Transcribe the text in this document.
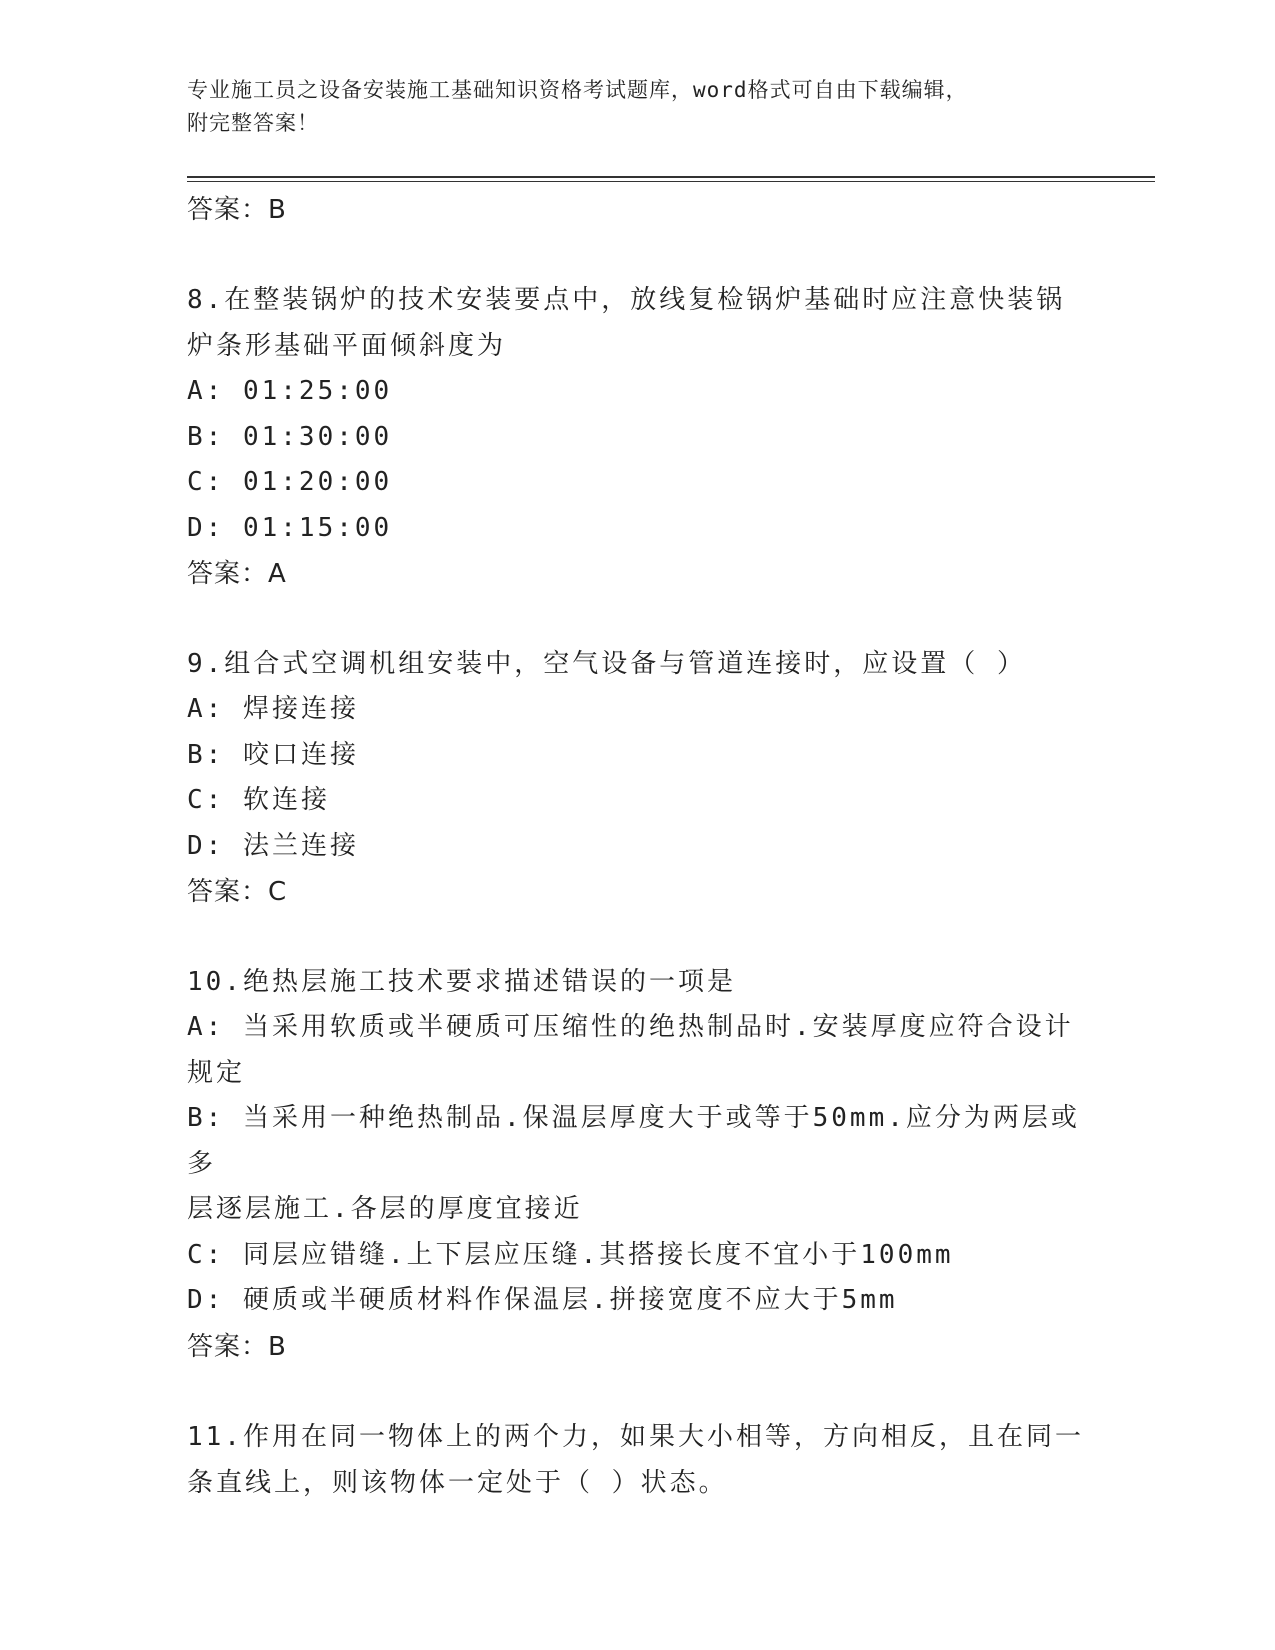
专业施工员之设备安装施工基础知识资格考试题库，word格式可自由下载编辑，
附完整答案！
答案：B
8.在整装锅炉的技术安装要点中，放线复检锅炉基础时应注意快装锅
炉条形基础平面倾斜度为
A: 01:25:00
B: 01:30:00
C: 01:20:00
D: 01:15:00
答案：A
9.组合式空调机组安装中，空气设备与管道连接时，应设置（ ）
A: 焊接连接
B: 咬口连接
C: 软连接
D: 法兰连接
答案：C
10.绝热层施工技术要求描述错误的一项是
A: 当采用软质或半硬质可压缩性的绝热制品时.安装厚度应符合设计
规定
B: 当采用一种绝热制品.保温层厚度大于或等于50mm.应分为两层或多
层逐层施工.各层的厚度宜接近
C: 同层应错缝.上下层应压缝.其搭接长度不宜小于100mm
D: 硬质或半硬质材料作保温层.拼接宽度不应大于5mm
答案：B
11.作用在同一物体上的两个力，如果大小相等，方向相反，且在同一
条直线上，则该物体一定处于（ ）状态。
